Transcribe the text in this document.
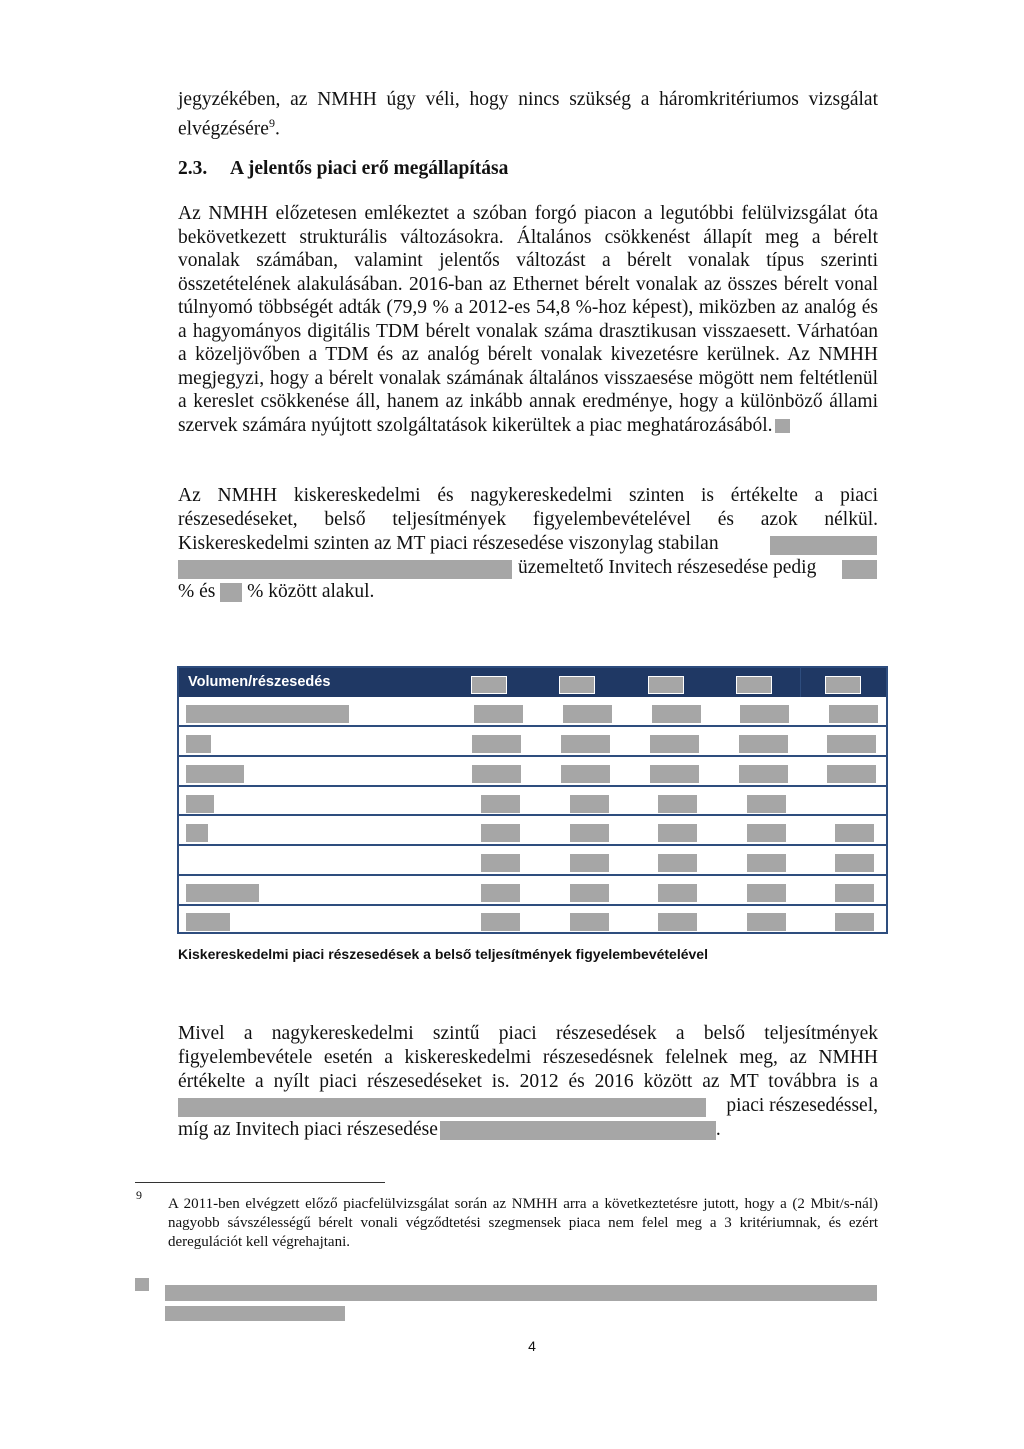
jegyzékében, az NMHH úgy véli, hogy nincs szükség a háromkritériumos vizsgálat
elvégzésére$^9$.
2.3. A jelentős piaci erő megállapítása
Az NMHH előzetesen emlékeztet a szóban forgó piacon a legutóbbi felülvizsgálat óta bekövetkezett strukturális változásokra. Általános csökkenést állapít meg a bérelt vonalak számában, valamint jelentős változást a bérelt vonalak típus szerinti összetételének alakulásában. 2016-ban az Ethernet bérelt vonalak az összes bérelt vonal túlnyomó többségét adták (79,9 % a 2012-es 54,8 %-hoz képest), miközben az analóg és a hagyományos digitális TDM bérelt vonalak száma drasztikusan visszaesett. Várhatóan a közeljövőben a TDM és az analóg bérelt vonalak kivezetésre kerülnek. Az NMHH megjegyzi, hogy a bérelt vonalak számának általános visszaesése mögött nem feltétlenül a kereslet csökkenése áll, hanem az inkább annak eredménye, hogy a különböző állami szervek számára nyújtott szolgáltatások kikerültek a piac meghatározásából.
Az NMHH kiskereskedelmi és nagykereskedelmi szinten is értékelte a piaci
részesedéseket, belső teljesítmények figyelembevételével és azok nélkül.
Kiskereskedelmi szinten az MT piaci részesedése viszonylag stabilan
üzemeltető Invitech részesedése pedig
% és % között alakul.
Volumen/részesedés
Kiskereskedelmi piaci részesedések a belső teljesítmények figyelembevételével
Mivel a nagykereskedelmi szintű piaci részesedések a belső teljesítmények
figyelembevétele esetén a kiskereskedelmi részesedésnek felelnek meg, az NMHH
értékelte a nyílt piaci részesedéseket is. 2012 és 2016 között az MT továbbra is a
piaci részesedéssel,
míg az Invitech piaci részesedése	.
9
A 2011-ben elvégzett előző piacfelülvizsgálat során az NMHH arra a következtetésre jutott, hogy a (2 Mbit/s-nál) nagyobb sávszélességű bérelt vonali végződtetési szegmensek piaca nem felel meg a 3 kritériumnak, és ezért deregulációt kell végrehajtani.
4
